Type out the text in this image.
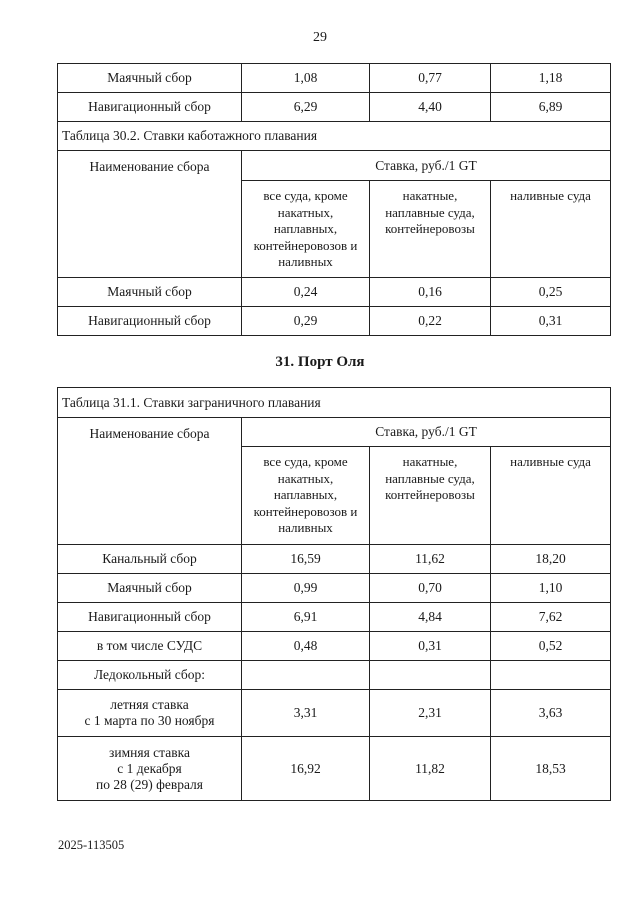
29
Маячный сбор	1,08	0,77	1,18
Навигационный сбор	6,29	4,40	6,89
Таблица 30.2. Ставки каботажного плавания			
Наименование сбора	Ставка, руб./1 GT		
	все суда, кроме накатных, наплавных, контейнеровозов и наливных	накатные, наплавные суда, контейнеровозы	наливные суда
Маячный сбор	0,24	0,16	0,25
Навигационный сбор	0,29	0,22	0,31
31. Порт Оля
Таблица 31.1. Ставки заграничного плавания			
Наименование сбора	Ставка, руб./1 GT		
	все суда, кроме накатных, наплавных, контейнеровозов и наливных	накатные, наплавные суда, контейнеровозы	наливные суда
Канальный сбор	16,59	11,62	18,20
Маячный сбор	0,99	0,70	1,10
Навигационный сбор	6,91	4,84	7,62
в том числе СУДС	0,48	0,31	0,52
Ледокольный сбор:			

летняя ставка
с 1 марта по 30 ноября	3,31	2,31	3,63

зимняя ставка
с 1 декабря
по 28 (29) февраля	16,92	11,82	18,53
2025-113505
